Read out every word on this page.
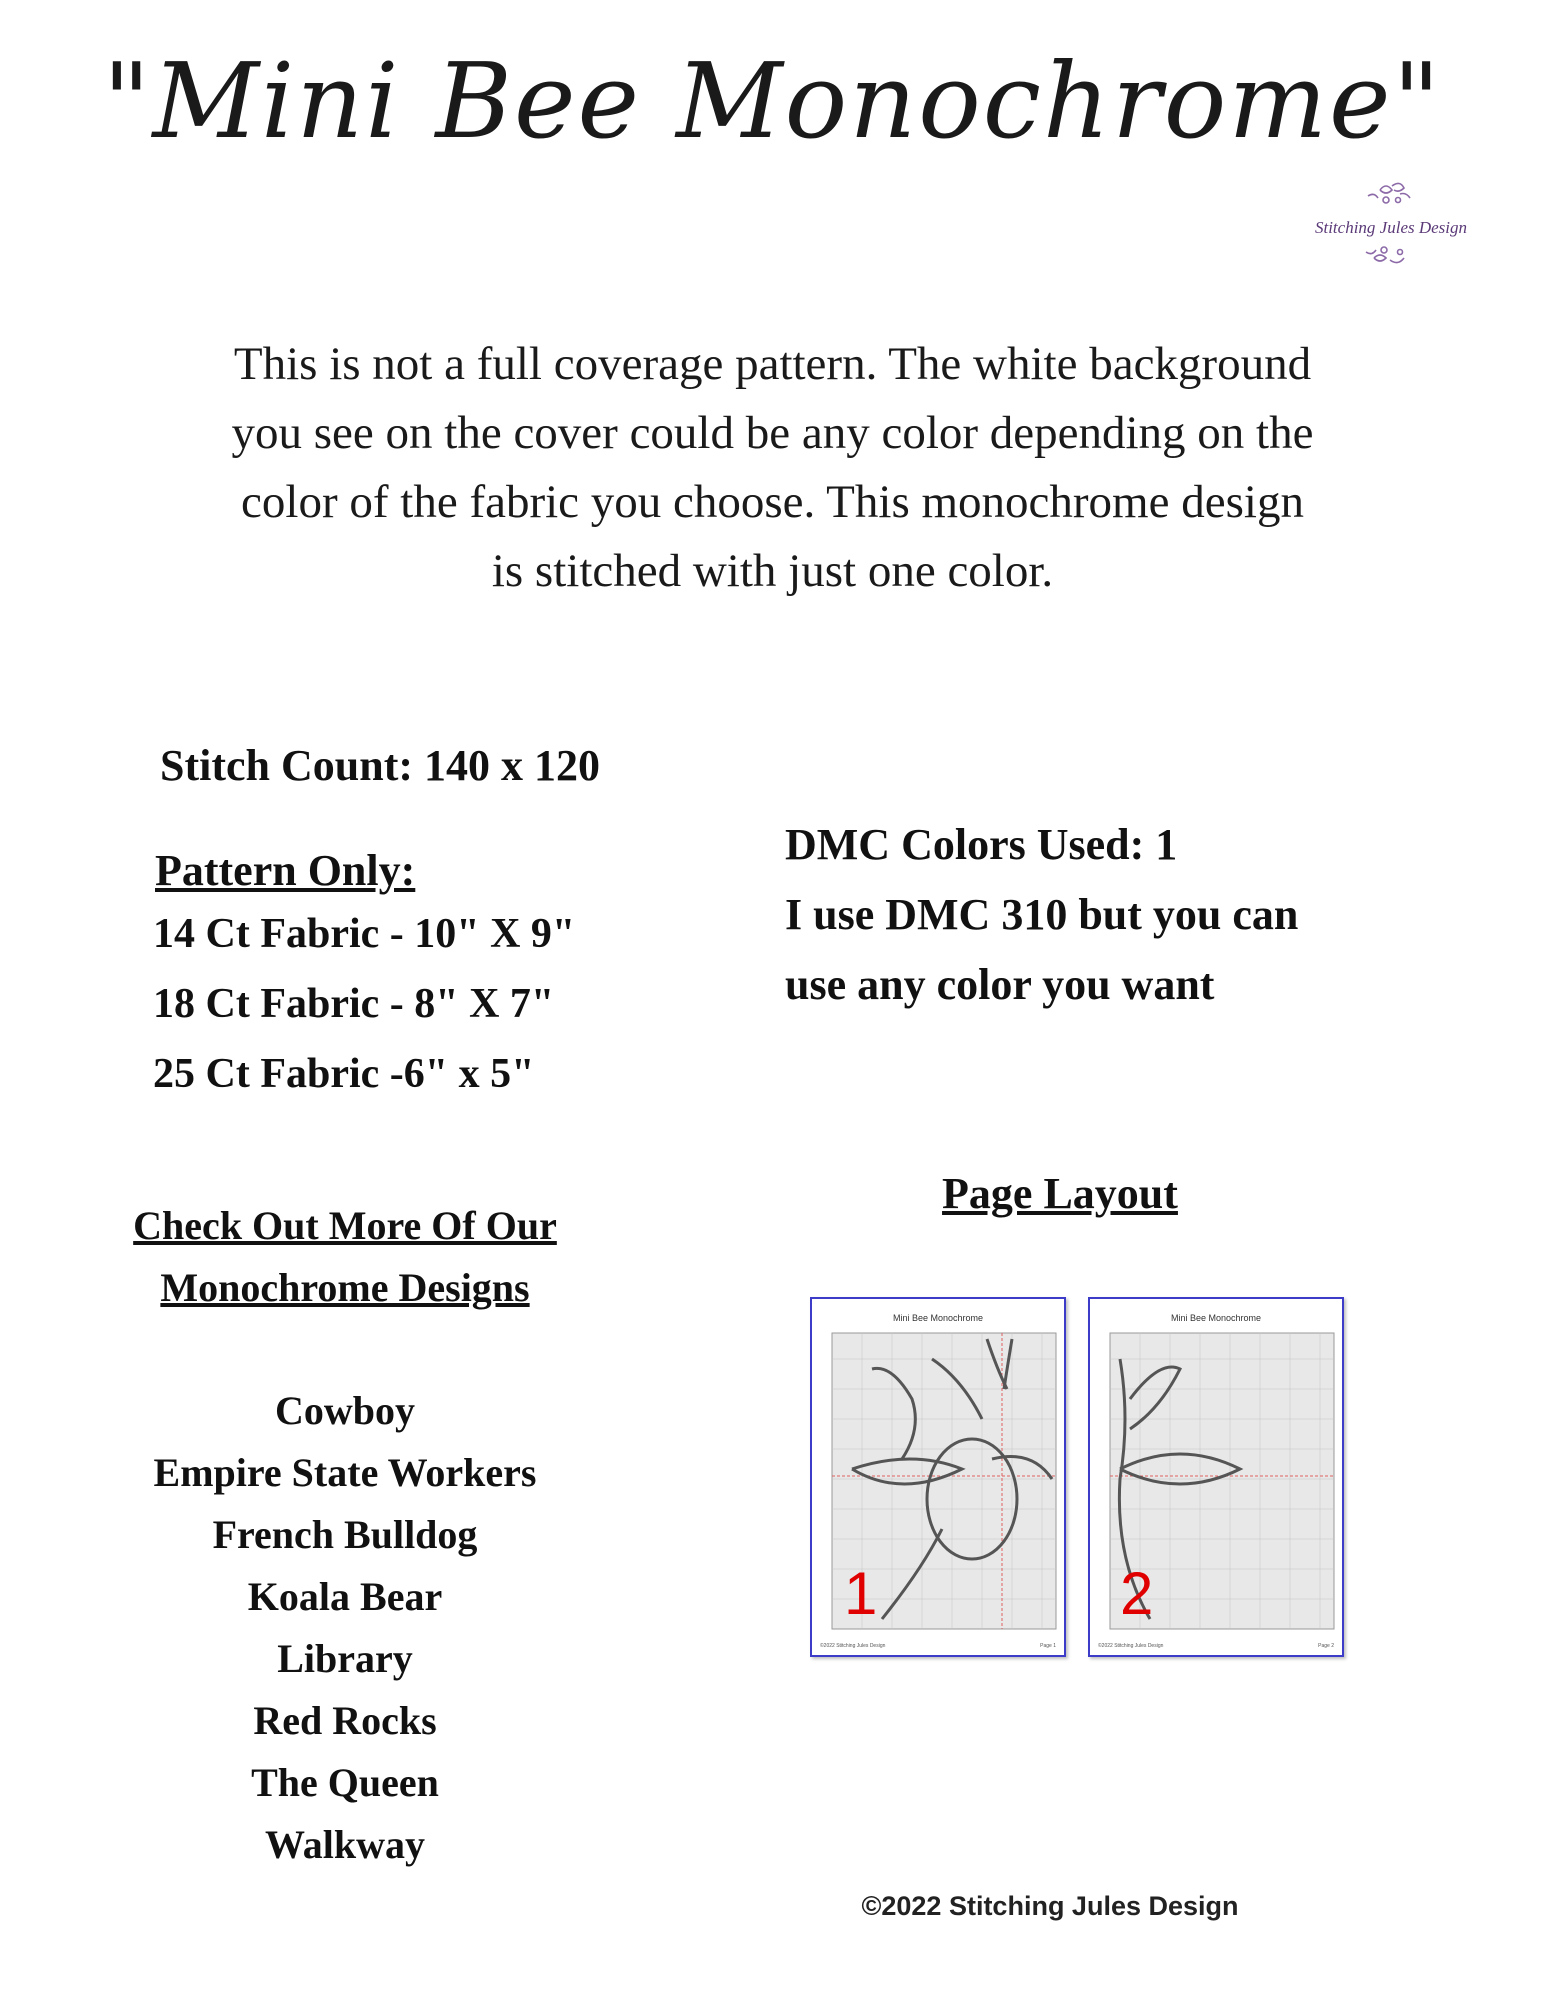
"Mini Bee Monochrome"
Stitching Jules Design
This is not a full coverage pattern. The white background
you see on the cover could be any color depending on the
color of the fabric you choose. This monochrome design
is stitched with just one color.
Stitch Count: 140 x 120
Pattern Only:
14 Ct Fabric - 10" X 9"
18 Ct Fabric - 8" X 7"
25 Ct Fabric -6" x 5"
DMC Colors Used: 1
I use DMC 310 but you can
use any color you want
Check Out More Of Our
Monochrome Designs
Cowboy
Empire State Workers
French Bulldog
Koala Bear
Library
Red Rocks
The Queen
Walkway
Page Layout
Mini Bee Monochrome
1
©2022 Stitching Jules Design	Page 1
Mini Bee Monochrome
2
©2022 Stitching Jules Design	Page 2
©2022 Stitching Jules Design
